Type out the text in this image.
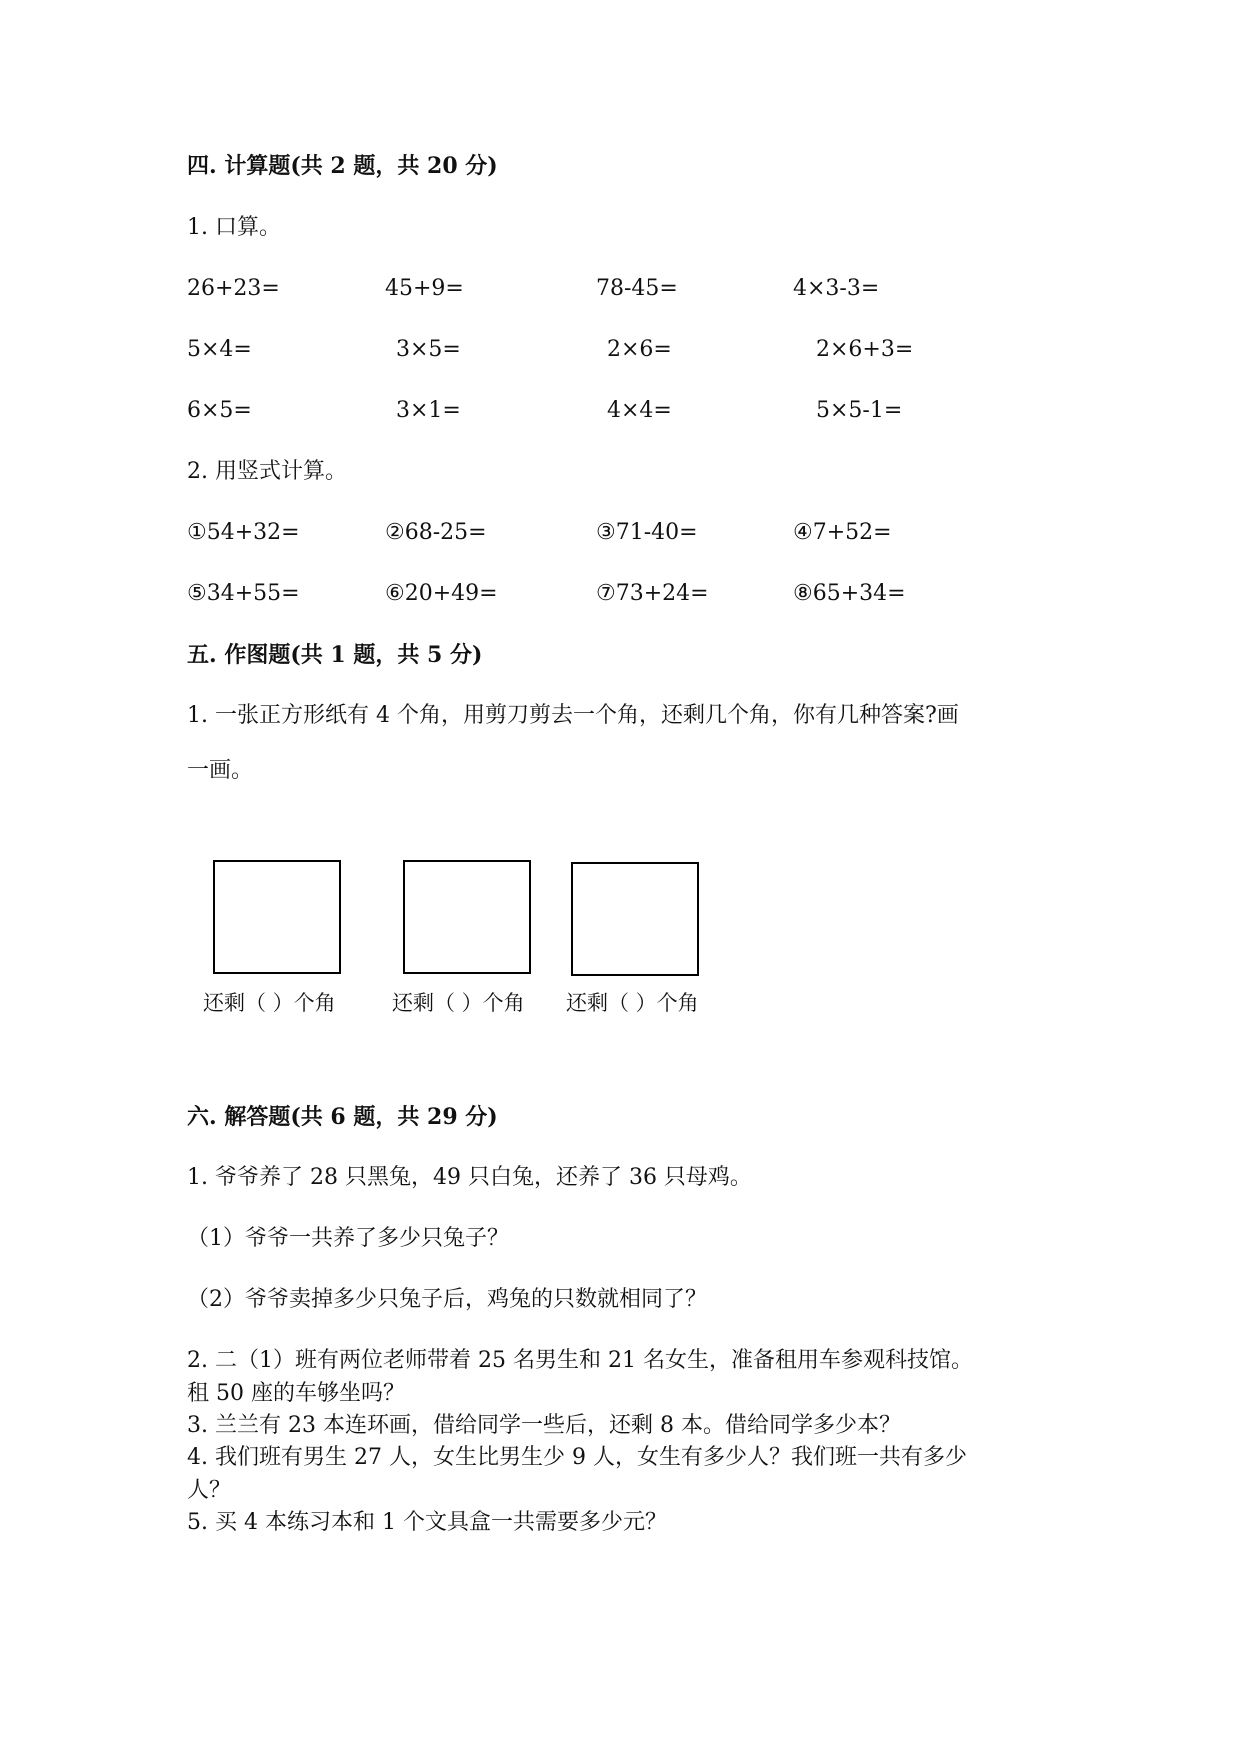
四. 计算题(共 2 题，共 20 分)
1. 口算。
26+23=	45+9=	78-45=	4×3-3=
5×4=	3×5=	2×6=	2×6+3=
6×5=	3×1=	4×4=	5×5-1=
2. 用竖式计算。
①54+32=	②68-25=	③71-40=	④7+52=
⑤34+55=	⑥20+49=	⑦73+24=	⑧65+34=
五. 作图题(共 1 题，共 5 分)
1. 一张正方形纸有 4 个角，用剪刀剪去一个角，还剩几个角，你有几种答案?画
一画。
还剩（ ）个角	还剩（ ）个角 还剩（ ）个角
六. 解答题(共 6 题，共 29 分)
1. 爷爷养了 28 只黑兔，49 只白兔，还养了 36 只母鸡。
（1）爷爷一共养了多少只兔子？
（2）爷爷卖掉多少只兔子后，鸡兔的只数就相同了？
2. 二（1）班有两位老师带着 25 名男生和 21 名女生，准备租用车参观科技馆。
租 50 座的车够坐吗？
3. 兰兰有 23 本连环画，借给同学一些后，还剩 8 本。借给同学多少本？
4. 我们班有男生 27 人，女生比男生少 9 人，女生有多少人？我们班一共有多少
人？
5. 买 4 本练习本和 1 个文具盒一共需要多少元？
